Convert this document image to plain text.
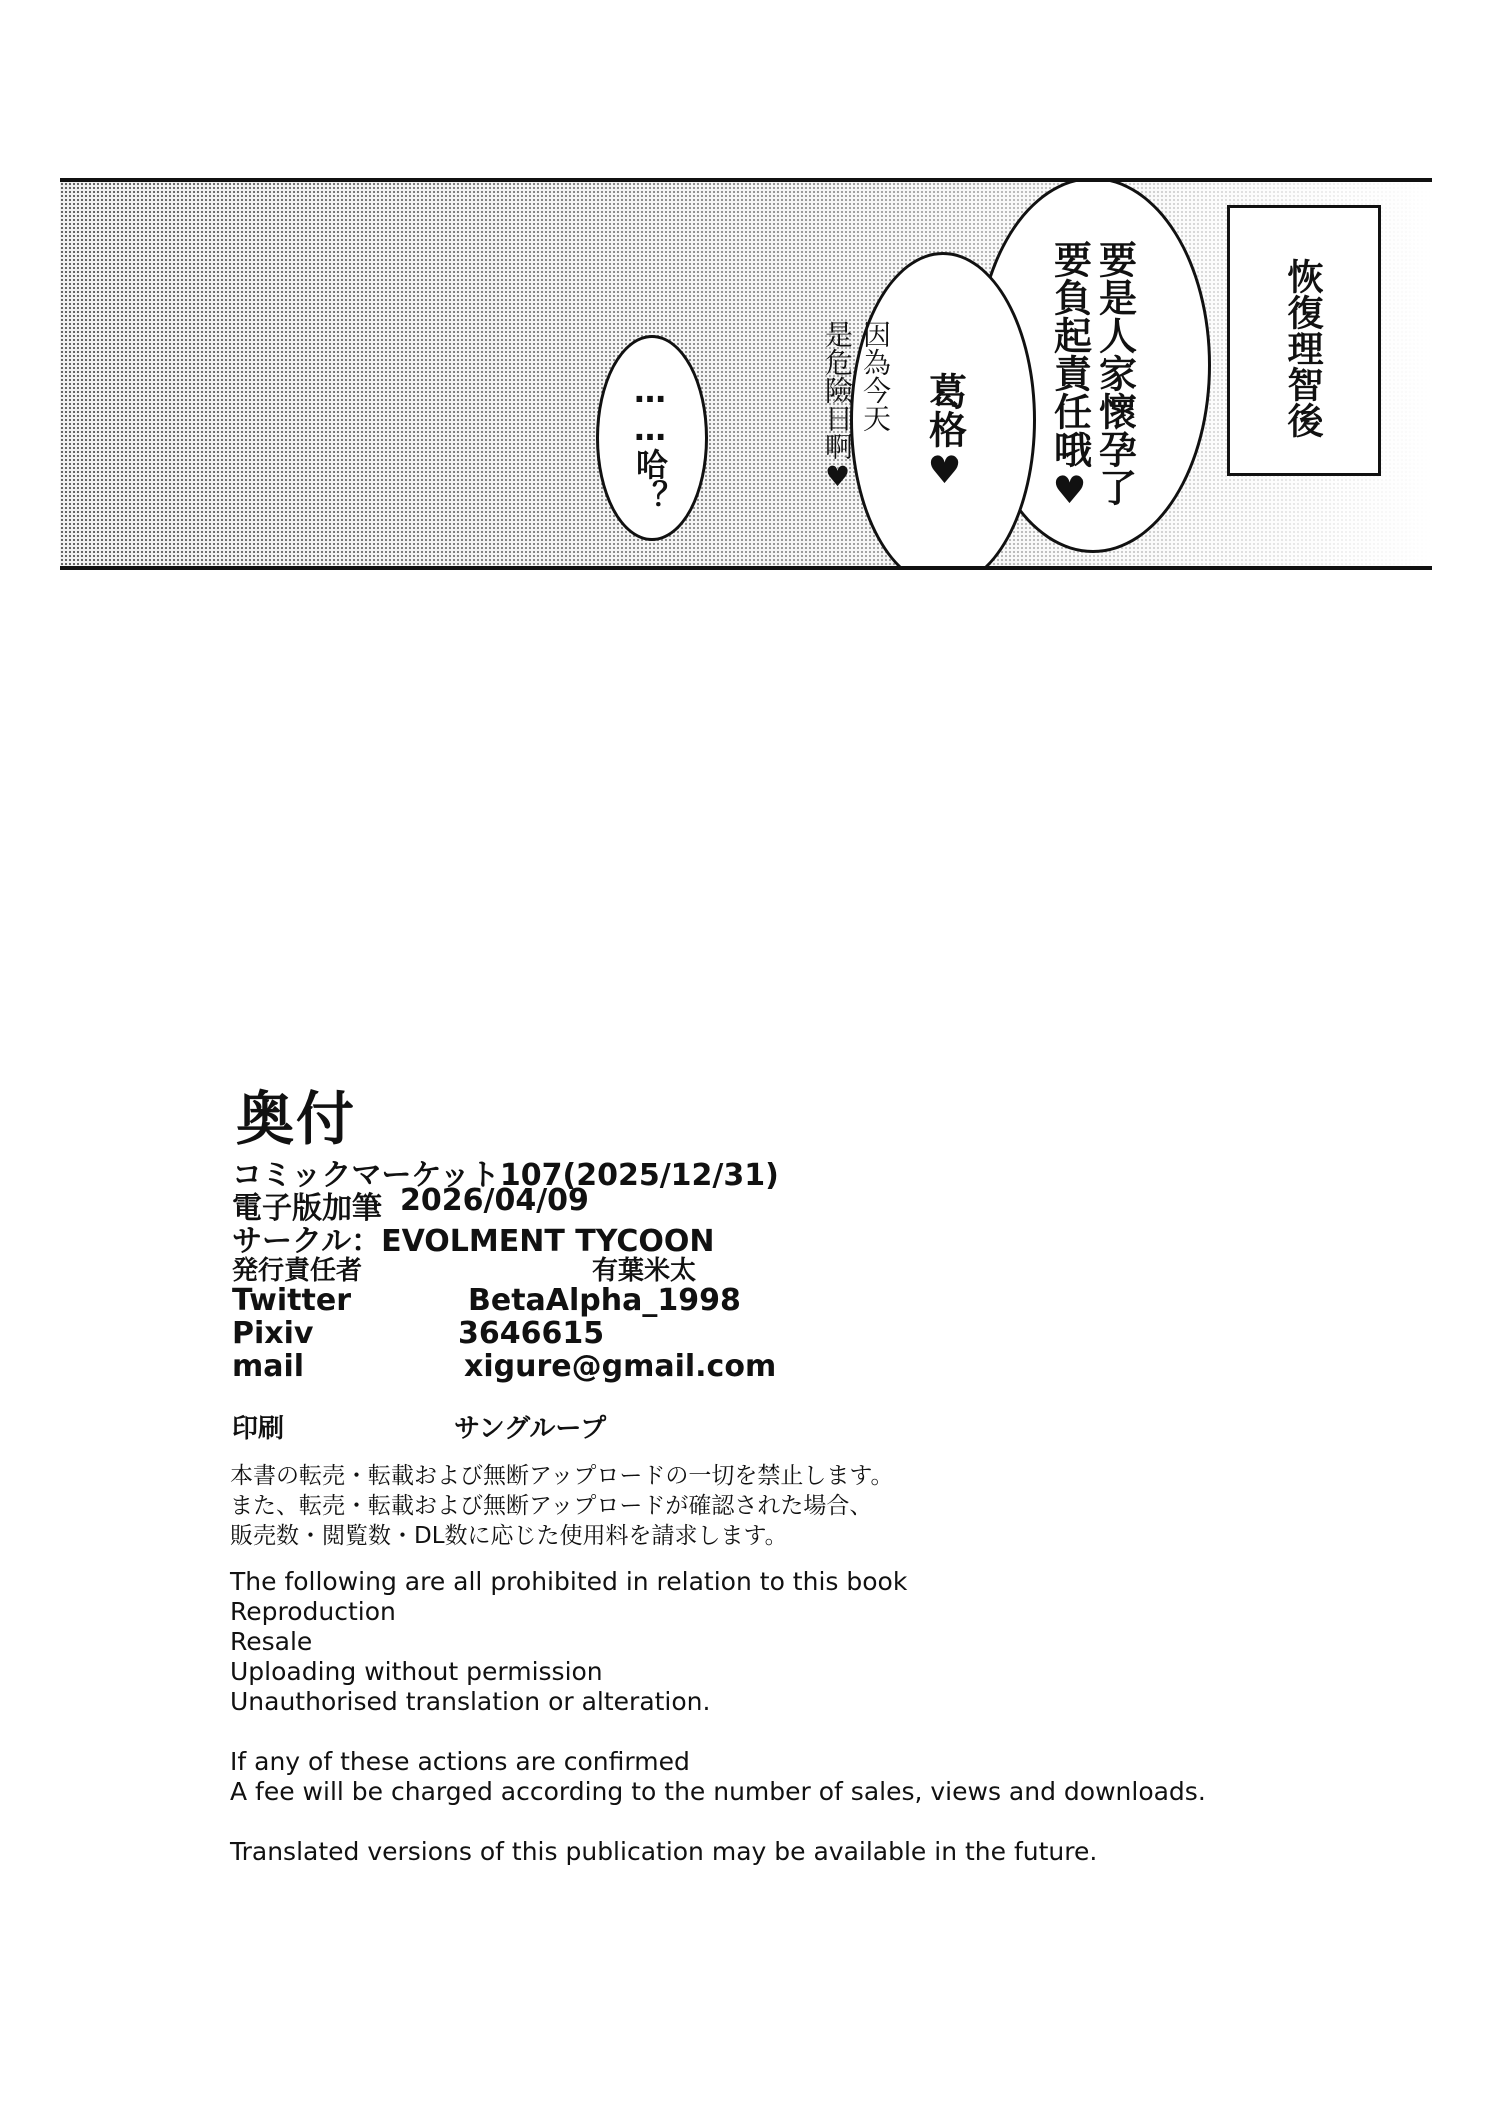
恢復理智後
要是人家懷孕了
要負起責任哦♥
葛格♥
因為今天
是危險日啊♥
……哈？
奥付
コミックマーケット107(2025/12/31)
電子版加筆 2026/04/09
サークル：EVOLMENT TYCOON
発行責任者	有葉米太
Twitter	BetaAlpha_1998
Pixiv	3646615
mail	xigure@gmail.com
印刷	サングループ
本書の転売・転載および無断アップロードの一切を禁止します。
また、転売・転載および無断アップロードが確認された場合、
販売数・閲覧数・DL数に応じた使用料を請求します。
The following are all prohibited in relation to this book
Reproduction
Resale
Uploading without permission
Unauthorised translation or alteration.
If any of these actions are confirmed
A fee will be charged according to the number of sales, views and downloads.
Translated versions of this publication may be available in the future.
